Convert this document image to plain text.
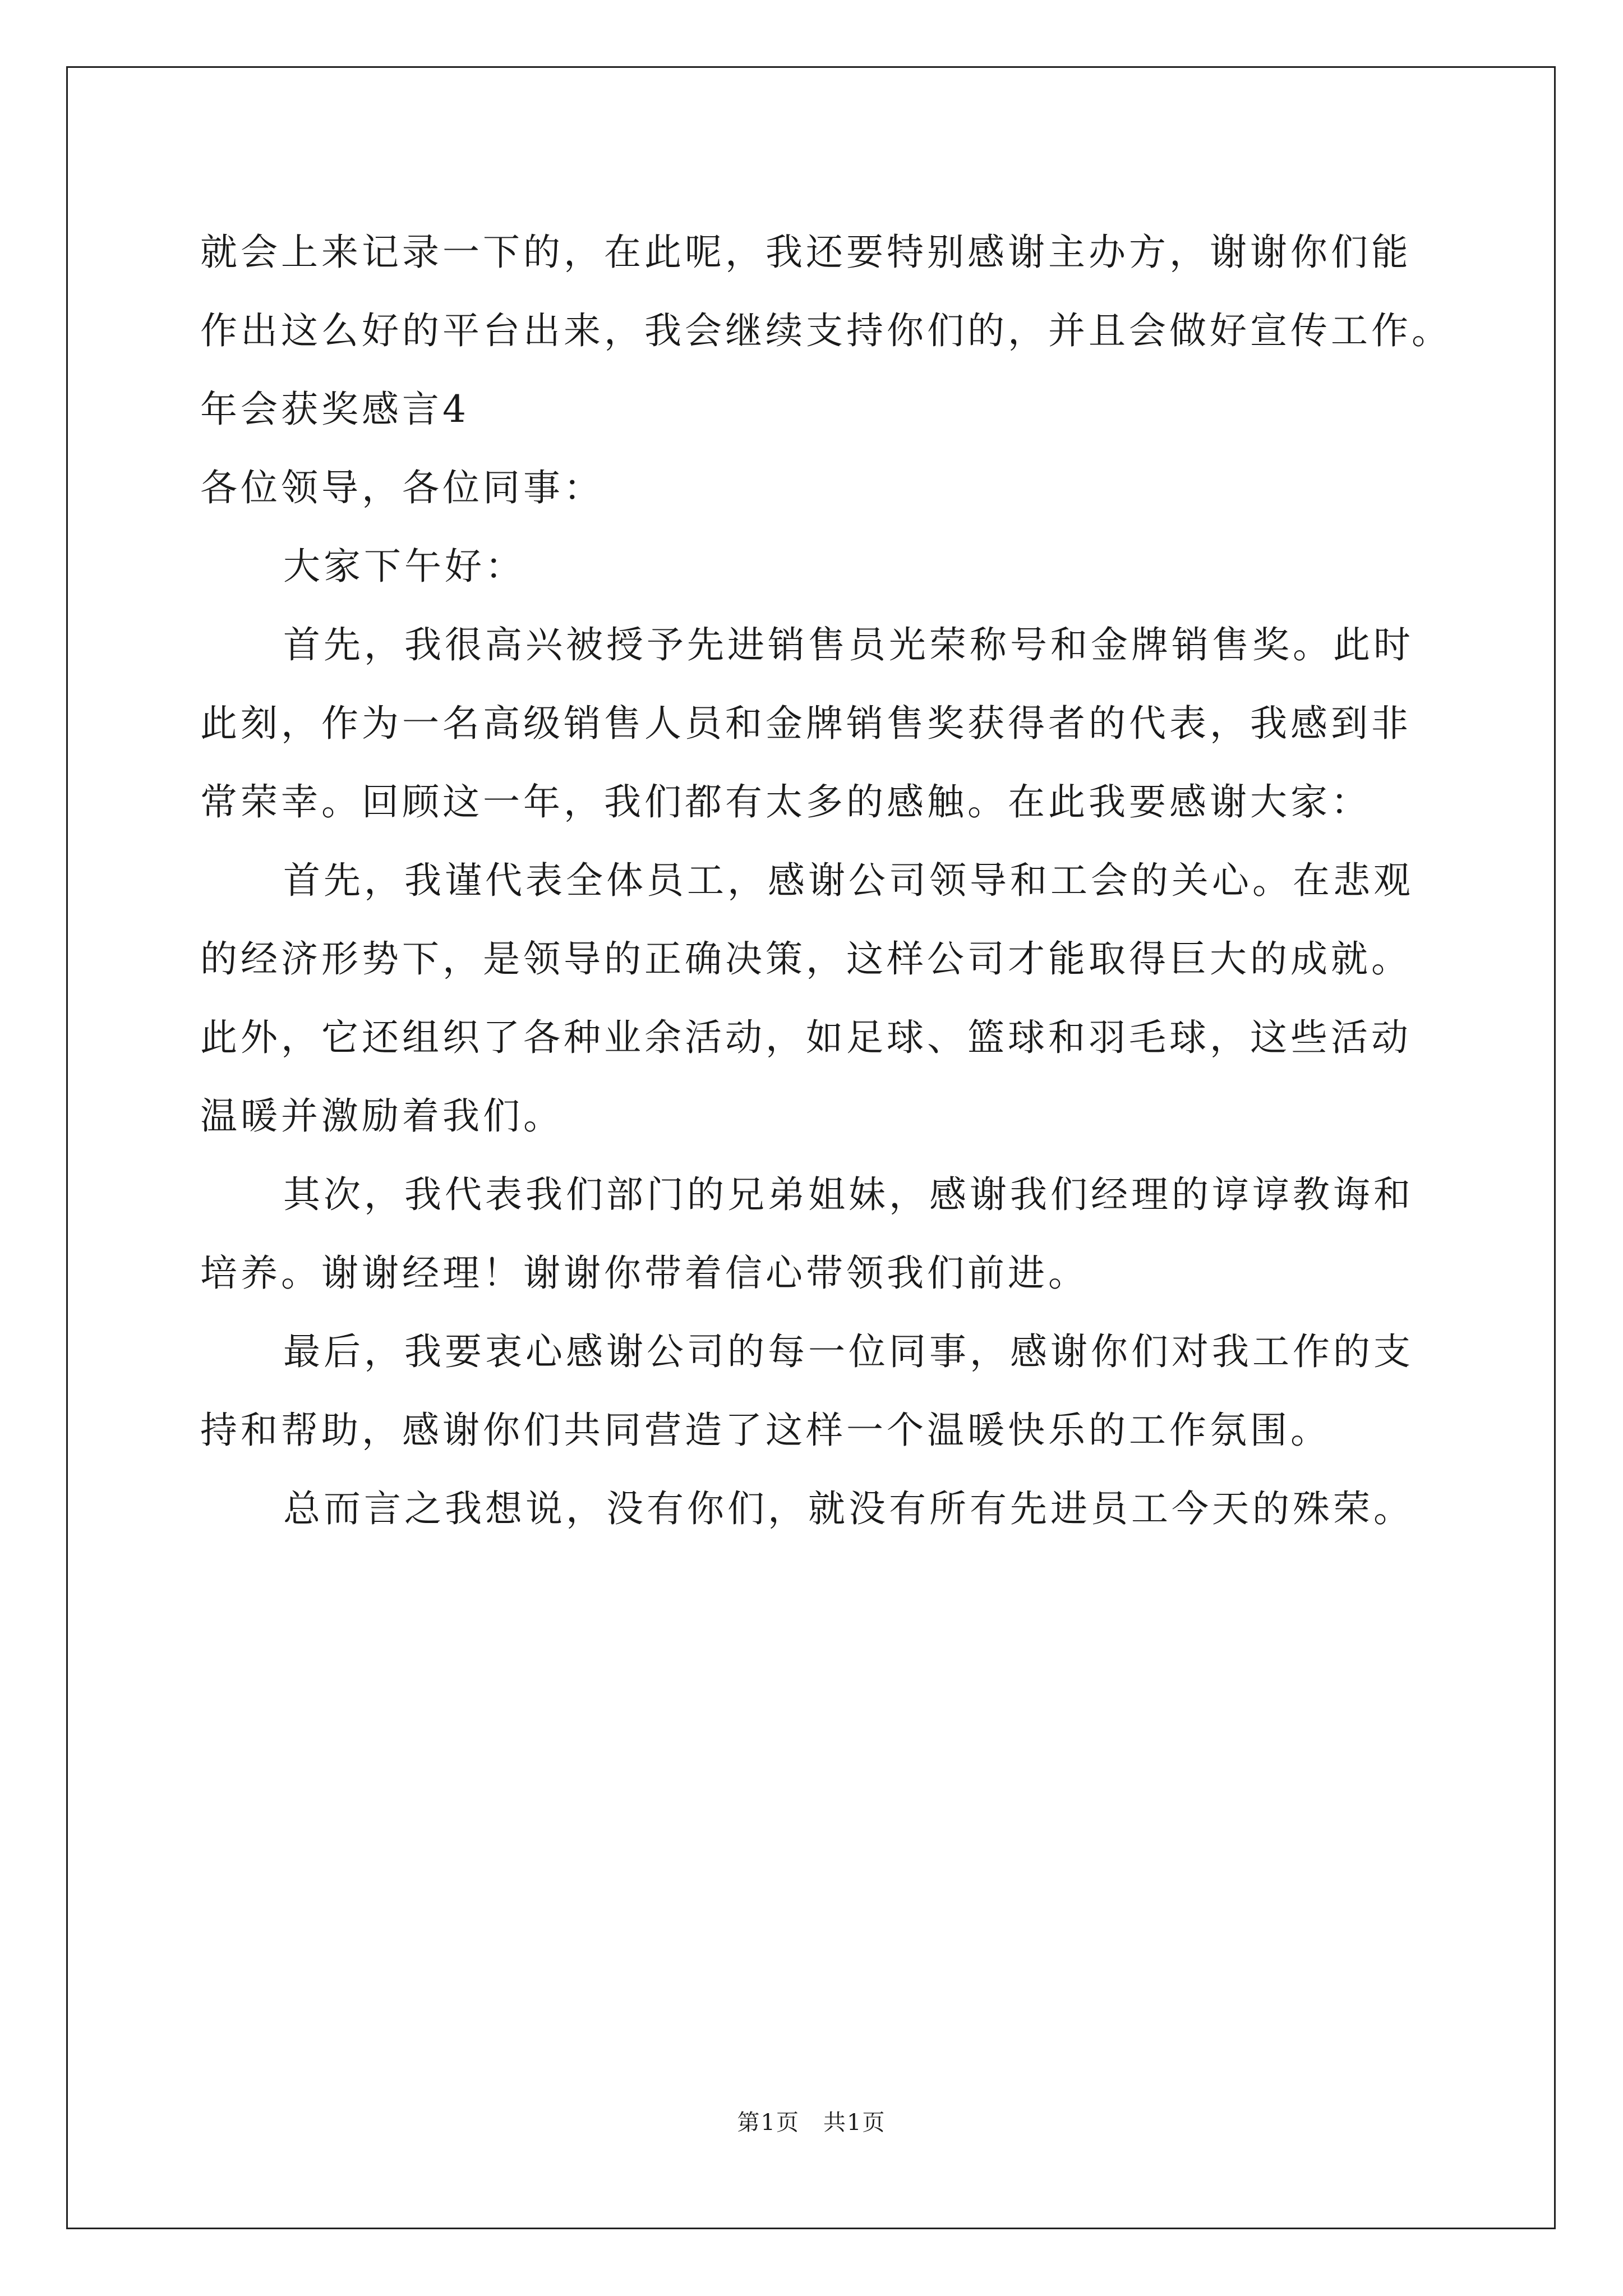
就会上来记录一下的，在此呢，我还要特别感谢主办方，谢谢你们能
作出这么好的平台出来，我会继续支持你们的，并且会做好宣传工作。
年会获奖感言4
各位领导，各位同事：
大家下午好：
首先，我很高兴被授予先进销售员光荣称号和金牌销售奖。此时
此刻，作为一名高级销售人员和金牌销售奖获得者的代表，我感到非
常荣幸。回顾这一年，我们都有太多的感触。在此我要感谢大家：
首先，我谨代表全体员工，感谢公司领导和工会的关心。在悲观
的经济形势下，是领导的正确决策，这样公司才能取得巨大的成就。
此外，它还组织了各种业余活动，如足球、篮球和羽毛球，这些活动
温暖并激励着我们。
其次，我代表我们部门的兄弟姐妹，感谢我们经理的谆谆教诲和
培养。谢谢经理！谢谢你带着信心带领我们前进。
最后，我要衷心感谢公司的每一位同事，感谢你们对我工作的支
持和帮助，感谢你们共同营造了这样一个温暖快乐的工作氛围。
总而言之我想说，没有你们，就没有所有先进员工今天的殊荣。
第1页　共1页
